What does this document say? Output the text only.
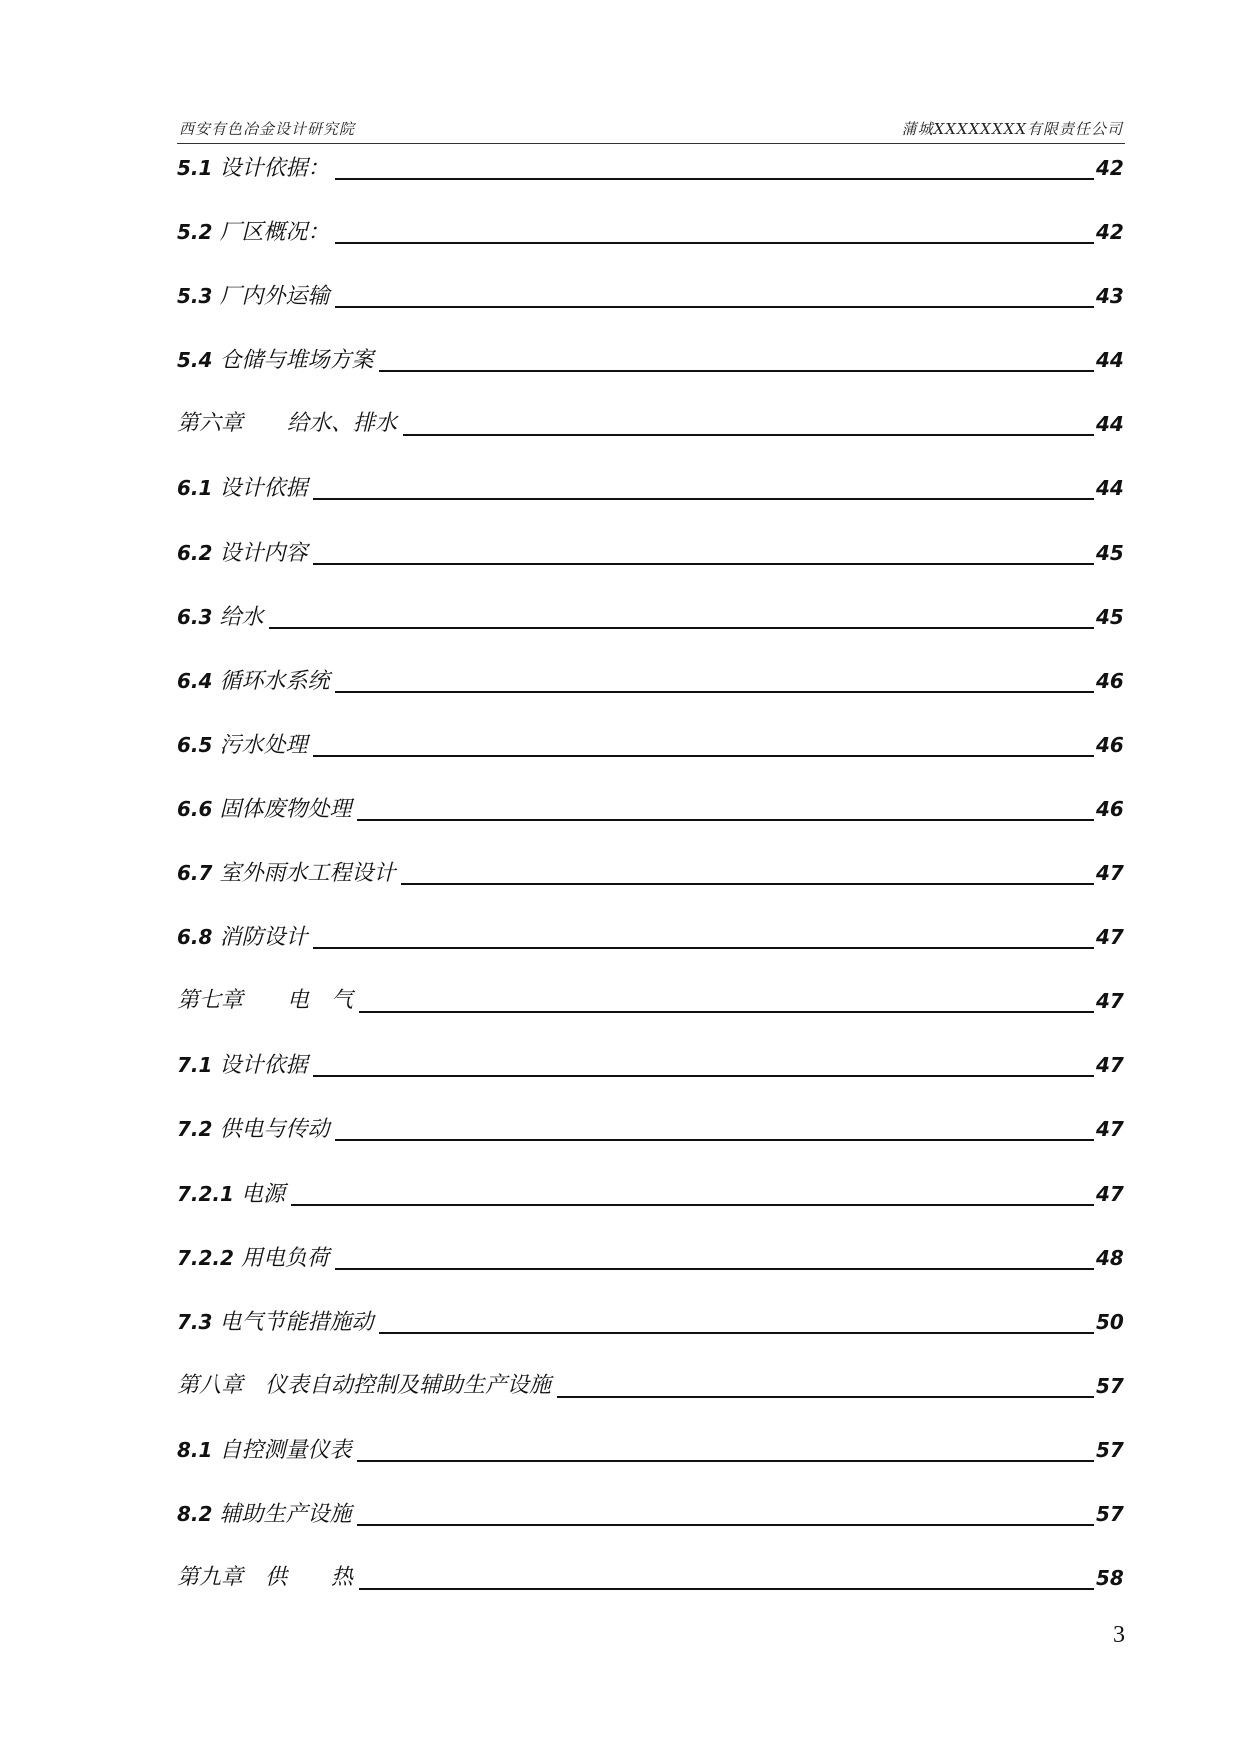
西安有色冶金设计研究院	蒲城XXXXXXXX有限责任公司
5.1 设计依据：	42
5.2 厂区概况：	42
5.3 厂内外运输	43
5.4 仓储与堆场方案	44
第六章　　给水、排水	44
6.1 设计依据	44
6.2 设计内容	45
6.3 给水	45
6.4 循环水系统	46
6.5 污水处理	46
6.6 固体废物处理	46
6.7 室外雨水工程设计	47
6.8 消防设计	47
第七章　　电　气	47
7.1 设计依据	47
7.2 供电与传动	47
7.2.1 电源	47
7.2.2 用电负荷	48
7.3 电气节能措施动	50
第八章　仪表自动控制及辅助生产设施	57
8.1 自控测量仪表	57
8.2 辅助生产设施	57
第九章　供　　热	58
3
